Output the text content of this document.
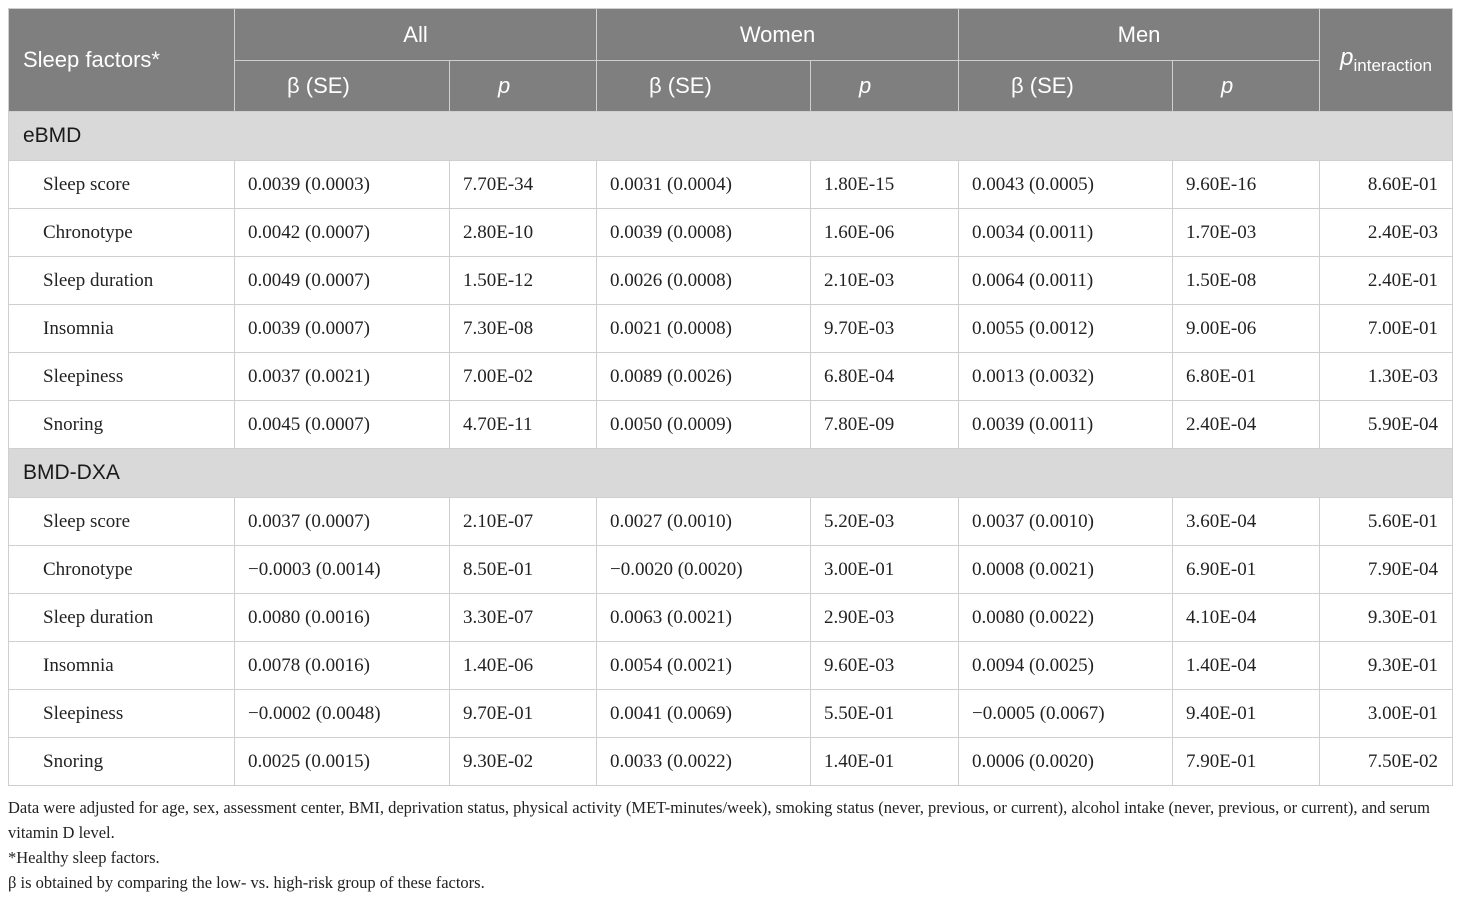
Sleep factors*	All		Women		Men		$p_{interaction}$
	β (SE)	p	β (SE)	p	β (SE)	p	
eBMD							
Sleep score	0.0039 (0.0003)	7.70E-34	0.0031 (0.0004)	1.80E-15	0.0043 (0.0005)	9.60E-16	8.60E-01
Chronotype	0.0042 (0.0007)	2.80E-10	0.0039 (0.0008)	1.60E-06	0.0034 (0.0011)	1.70E-03	2.40E-03
Sleep duration	0.0049 (0.0007)	1.50E-12	0.0026 (0.0008)	2.10E-03	0.0064 (0.0011)	1.50E-08	2.40E-01
Insomnia	0.0039 (0.0007)	7.30E-08	0.0021 (0.0008)	9.70E-03	0.0055 (0.0012)	9.00E-06	7.00E-01
Sleepiness	0.0037 (0.0021)	7.00E-02	0.0089 (0.0026)	6.80E-04	0.0013 (0.0032)	6.80E-01	1.30E-03
Snoring	0.0045 (0.0007)	4.70E-11	0.0050 (0.0009)	7.80E-09	0.0039 (0.0011)	2.40E-04	5.90E-04
BMD-DXA							
Sleep score	0.0037 (0.0007)	2.10E-07	0.0027 (0.0010)	5.20E-03	0.0037 (0.0010)	3.60E-04	5.60E-01
Chronotype	−0.0003 (0.0014)	8.50E-01	−0.0020 (0.0020)	3.00E-01	0.0008 (0.0021)	6.90E-01	7.90E-04
Sleep duration	0.0080 (0.0016)	3.30E-07	0.0063 (0.0021)	2.90E-03	0.0080 (0.0022)	4.10E-04	9.30E-01
Insomnia	0.0078 (0.0016)	1.40E-06	0.0054 (0.0021)	9.60E-03	0.0094 (0.0025)	1.40E-04	9.30E-01
Sleepiness	−0.0002 (0.0048)	9.70E-01	0.0041 (0.0069)	5.50E-01	−0.0005 (0.0067)	9.40E-01	3.00E-01
Snoring	0.0025 (0.0015)	9.30E-02	0.0033 (0.0022)	1.40E-01	0.0006 (0.0020)	7.90E-01	7.50E-02

Data were adjusted for age, sex, assessment center, BMI, deprivation status, physical activity (MET-minutes/week), smoking status (never, previous, or current), alcohol intake (never, previous, or current), and serum vitamin D level.

*Healthy sleep factors.

β is obtained by comparing the low- vs. high-risk group of these factors.
